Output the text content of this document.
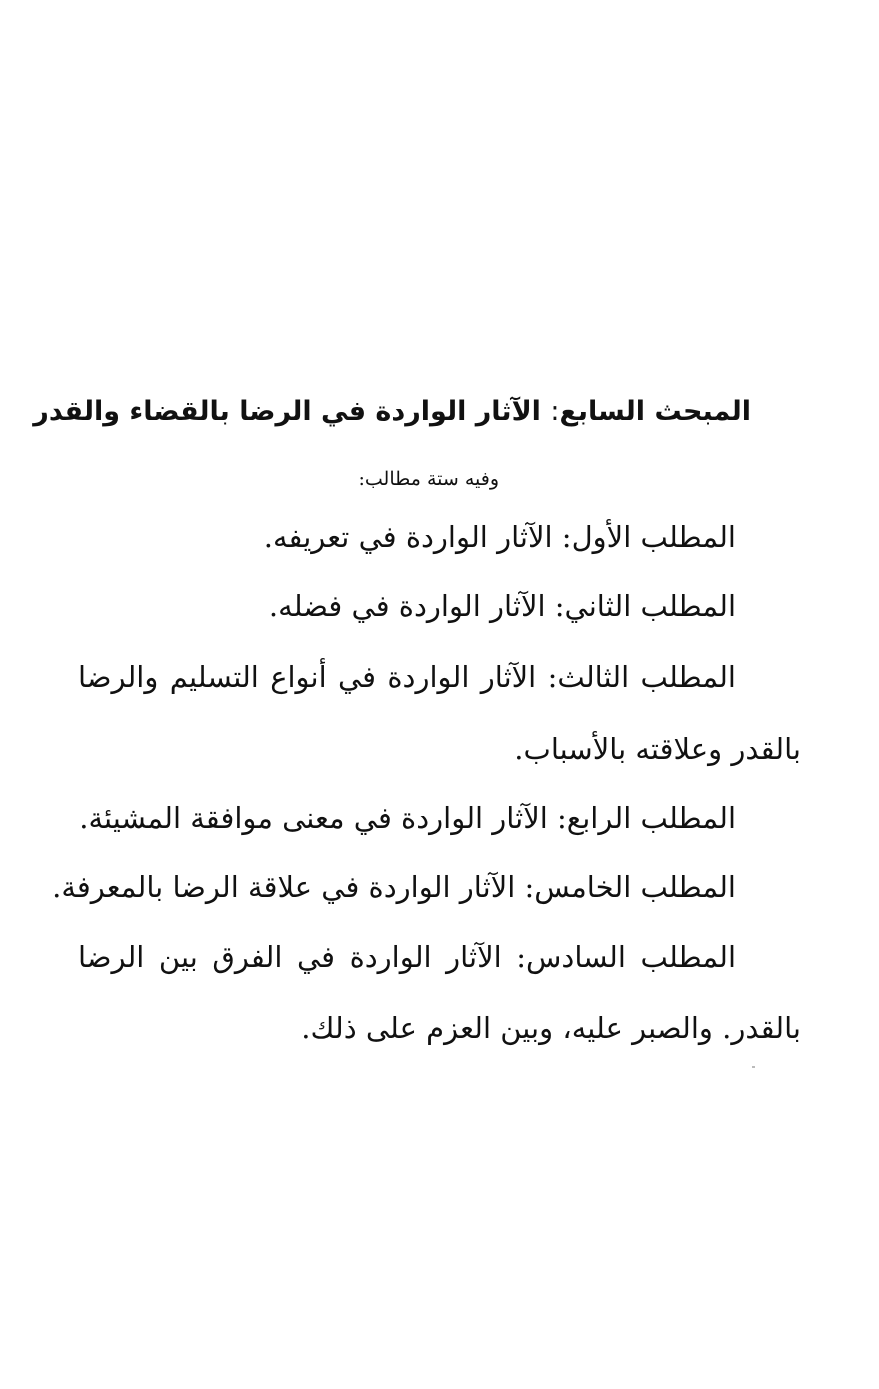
المبحث السابع: الآثار الواردة في الرضا بالقضاء والقدر
وفيه ستة مطالب:
المطلب الأول: الآثار الواردة في تعريفه.
المطلب الثاني: الآثار الواردة في فضله.
المطلب الثالث: الآثار الواردة في أنواع التسليم والرضا
بالقدر وعلاقته بالأسباب.
المطلب الرابع: الآثار الواردة في معنى موافقة المشيئة.
المطلب الخامس: الآثار الواردة في علاقة الرضا بالمعرفة.
المطلب السادس: الآثار الواردة في الفرق بين الرضا
بالقدر. والصبر عليه، وبين العزم على ذلك.
